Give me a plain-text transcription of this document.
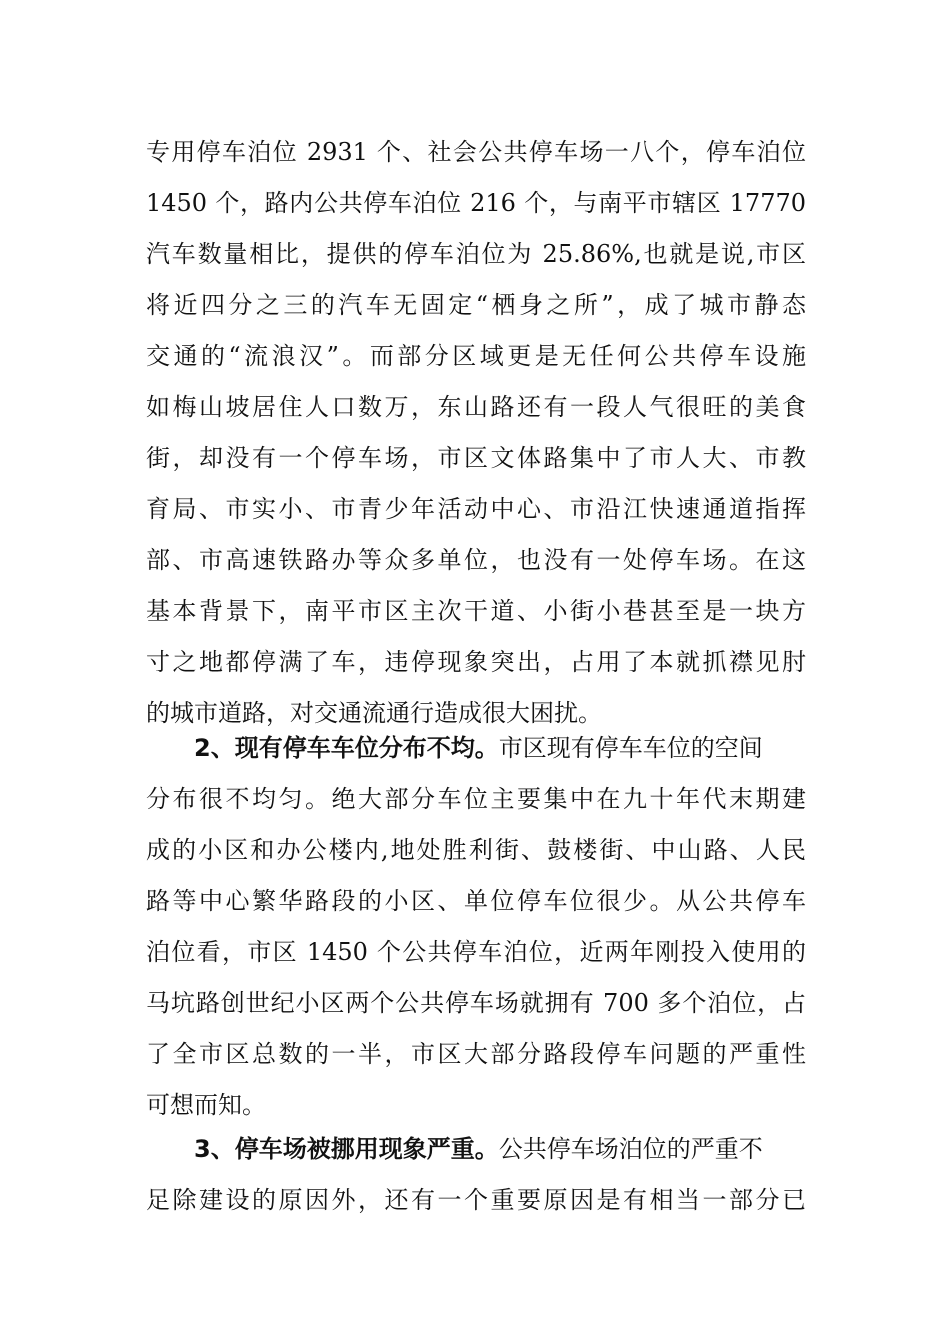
专用停车泊位 2931 个、社会公共停车场一八个，停车泊位
1450 个，路内公共停车泊位 216 个，与南平市辖区 17770
汽车数量相比，提供的停车泊位为 25.86%,也就是说,市区
将近四分之三的汽车无固定“栖身之所”，成了城市静态
交通的“流浪汉”。而部分区域更是无任何公共停车设施
如梅山坡居住人口数万，东山路还有一段人气很旺的美食
街，却没有一个停车场，市区文体路集中了市人大、市教
育局、市实小、市青少年活动中心、市沿江快速通道指挥
部、市高速铁路办等众多单位，也没有一处停车场。在这
基本背景下，南平市区主次干道、小街小巷甚至是一块方
寸之地都停满了车，违停现象突出，占用了本就抓襟见肘
的城市道路，对交通流通行造成很大困扰。
2、现有停车车位分布不均。市区现有停车车位的空间
分布很不均匀。绝大部分车位主要集中在九十年代末期建
成的小区和办公楼内,地处胜利街、鼓楼街、中山路、人民
路等中心繁华路段的小区、单位停车位很少。从公共停车
泊位看，市区 1450 个公共停车泊位，近两年刚投入使用的
马坑路创世纪小区两个公共停车场就拥有 700 多个泊位，占
了全市区总数的一半，市区大部分路段停车问题的严重性
可想而知。
3、停车场被挪用现象严重。公共停车场泊位的严重不
足除建设的原因外，还有一个重要原因是有相当一部分已
